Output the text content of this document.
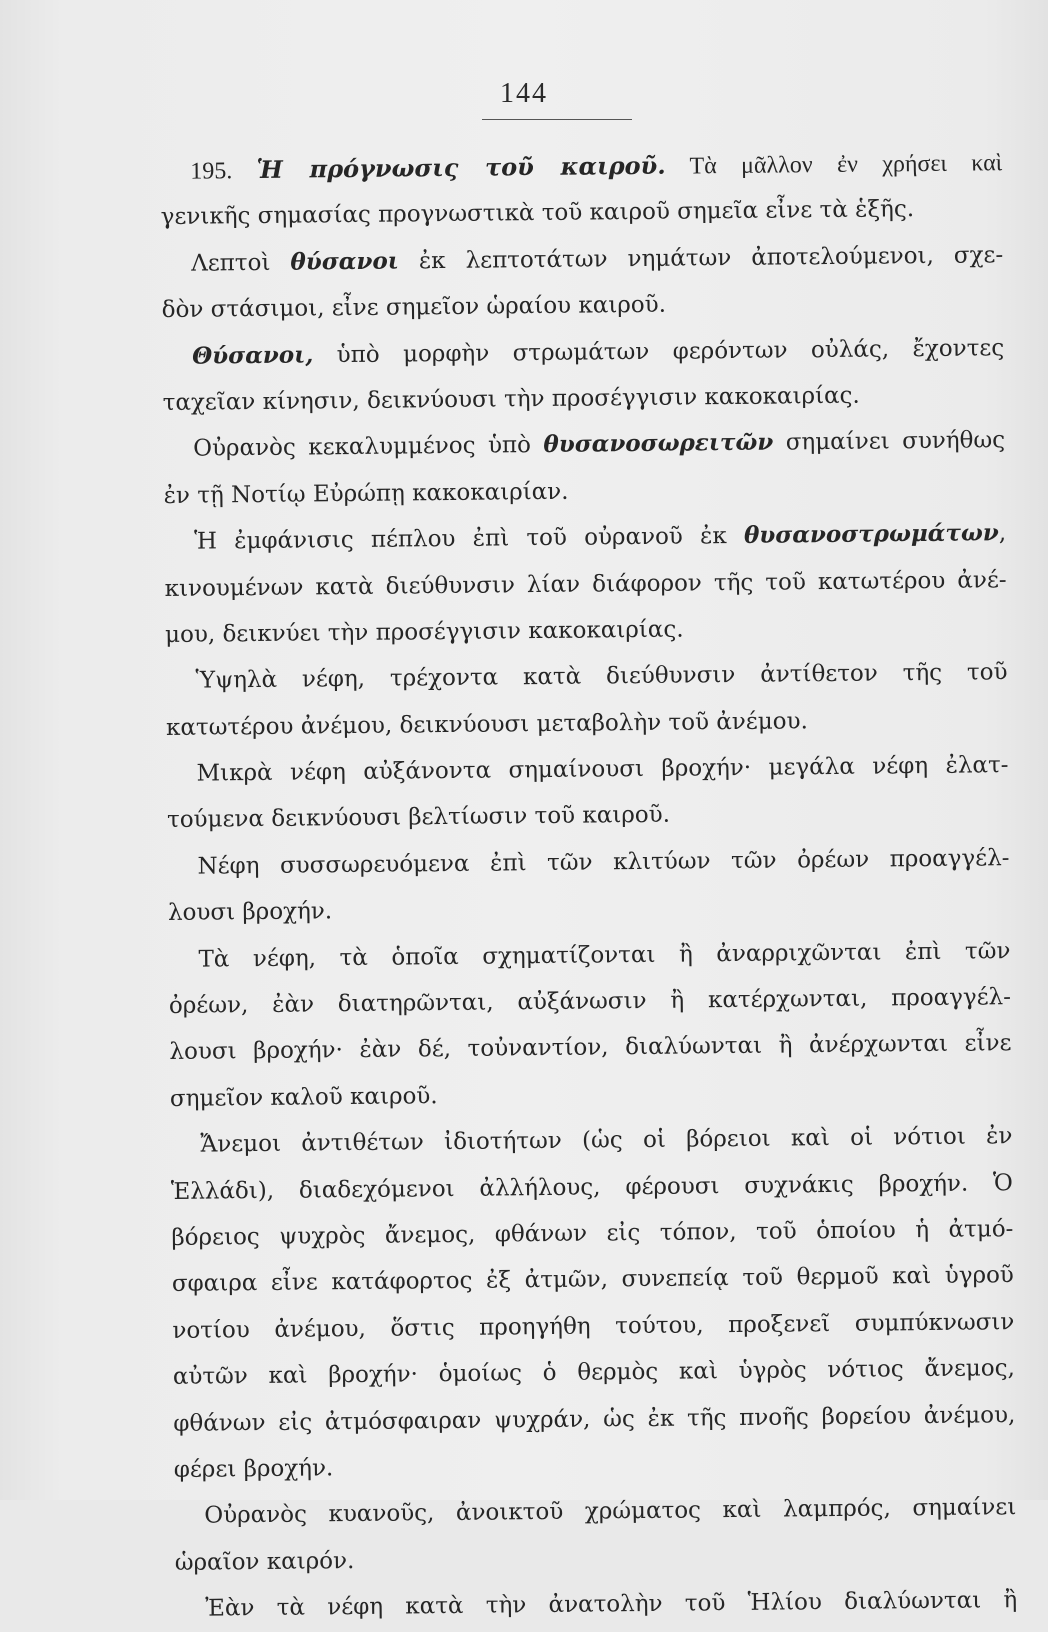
144
195. Ἡ πρόγνωσις τοῦ καιροῦ. Τὰ μᾶλλον ἐν χρήσει καὶ
γενικῆς σημασίας προγνωστικὰ τοῦ καιροῦ σημεῖα εἶνε τὰ ἑξῆς.
Λεπτοὶ θύσανοι ἐκ λεπτοτάτων νημάτων ἀποτελούμενοι, σχε-
δὸν στάσιμοι, εἶνε σημεῖον ὡραίου καιροῦ.
Θύσανοι, ὑπὸ μορφὴν στρωμάτων φερόντων οὐλάς, ἔχοντες
ταχεῖαν κίνησιν, δεικνύουσι τὴν προσέγγισιν κακοκαιρίας.
Οὐρανὸς κεκαλυμμένος ὑπὸ θυσανοσωρειτῶν σημαίνει συνήθως
ἐν τῇ Νοτίῳ Εὐρώπῃ κακοκαιρίαν.
Ἡ ἐμφάνισις πέπλου ἐπὶ τοῦ οὐρανοῦ ἐκ θυσανοστρωμάτων,
κινουμένων κατὰ διεύθυνσιν λίαν διάφορον τῆς τοῦ κατωτέρου ἀνέ-
μου, δεικνύει τὴν προσέγγισιν κακοκαιρίας.
Ὑψηλὰ νέφη, τρέχοντα κατὰ διεύθυνσιν ἀντίθετον τῆς τοῦ
κατωτέρου ἀνέμου, δεικνύουσι μεταβολὴν τοῦ ἀνέμου.
Μικρὰ νέφη αὐξάνοντα σημαίνουσι βροχήν· μεγάλα νέφη ἐλατ-
τούμενα δεικνύουσι βελτίωσιν τοῦ καιροῦ.
Νέφη συσσωρευόμενα ἐπὶ τῶν κλιτύων τῶν ὀρέων προαγγέλ-
λουσι βροχήν.
Τὰ νέφη, τὰ ὁποῖα σχηματίζονται ἢ ἀναρριχῶνται ἐπὶ τῶν
ὀρέων, ἐὰν διατηρῶνται, αὐξάνωσιν ἢ κατέρχωνται, προαγγέλ-
λουσι βροχήν· ἐὰν δέ, τοὐναντίον, διαλύωνται ἢ ἀνέρχωνται εἶνε
σημεῖον καλοῦ καιροῦ.
Ἄνεμοι ἀντιθέτων ἰδιοτήτων (ὡς οἱ βόρειοι καὶ οἱ νότιοι ἐν
Ἑλλάδι), διαδεχόμενοι ἀλλήλους, φέρουσι συχνάκις βροχήν. Ὁ
βόρειος ψυχρὸς ἄνεμος, φθάνων εἰς τόπον, τοῦ ὁποίου ἡ ἀτμό-
σφαιρα εἶνε κατάφορτος ἐξ ἀτμῶν, συνεπείᾳ τοῦ θερμοῦ καὶ ὑγροῦ
νοτίου ἀνέμου, ὅστις προηγήθη τούτου, προξενεῖ συμπύκνωσιν
αὐτῶν καὶ βροχήν· ὁμοίως ὁ θερμὸς καὶ ὑγρὸς νότιος ἄνεμος,
φθάνων εἰς ἀτμόσφαιραν ψυχράν, ὡς ἐκ τῆς πνοῆς βορείου ἀνέμου,
φέρει βροχήν.
Οὐρανὸς κυανοῦς, ἀνοικτοῦ χρώματος καὶ λαμπρός, σημαίνει
ὡραῖον καιρόν.
Ἐὰν τὰ νέφη κατὰ τὴν ἀνατολὴν τοῦ Ἡλίου διαλύωνται ἢ
